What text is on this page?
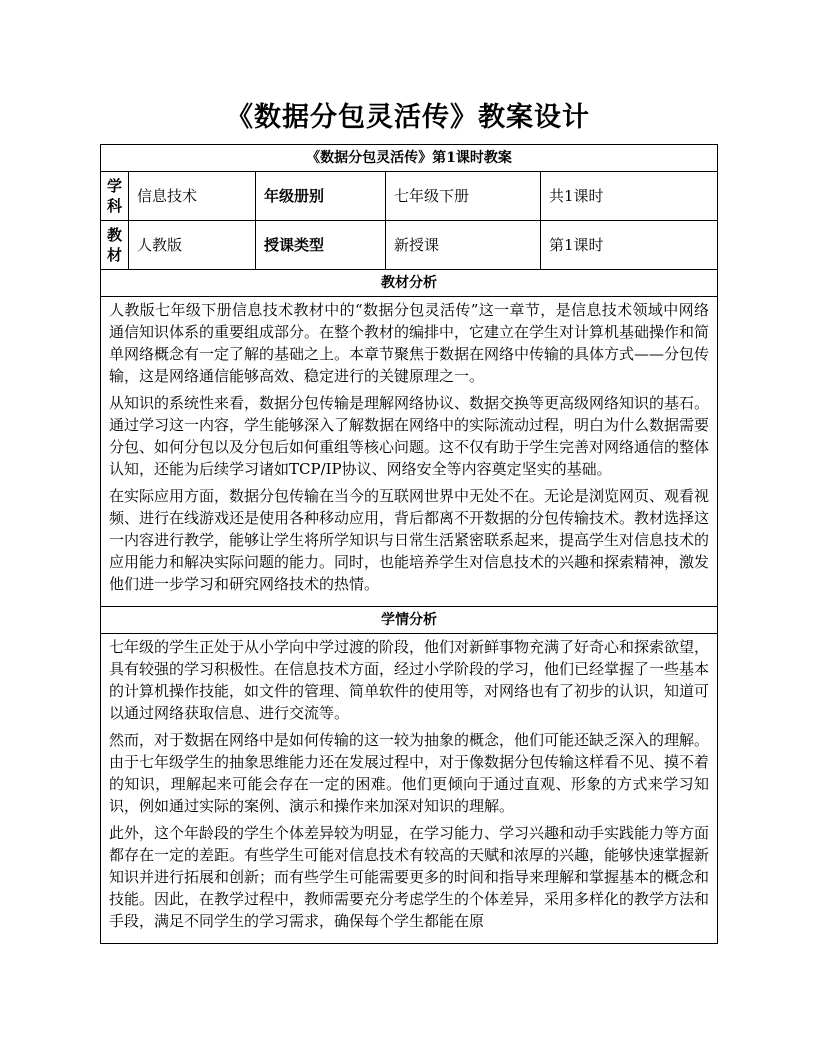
《数据分包灵活传》教案设计
《数据分包灵活传》第1课时教案				
学科	信息技术	年级册别	七年级下册	共1课时
教材	人教版	授课类型	新授课	第1课时
教材分析				

人教版七年级下册信息技术教材中的“数据分包灵活传”这一章节，是信息技术领域中网络通信知识体系的重要组成部分。在整个教材的编排中，它建立在学生对计算机基础操作和简单网络概念有一定了解的基础之上。本章节聚焦于数据在网络中传输的具体方式——分包传输，这是网络通信能够高效、稳定进行的关键原理之一。

从知识的系统性来看，数据分包传输是理解网络协议、数据交换等更高级网络知识的基石。通过学习这一内容，学生能够深入了解数据在网络中的实际流动过程，明白为什么数据需要分包、如何分包以及分包后如何重组等核心问题。这不仅有助于学生完善对网络通信的整体认知，还能为后续学习诸如TCP/IP协议、网络安全等内容奠定坚实的基础。

在实际应用方面，数据分包传输在当今的互联网世界中无处不在。无论是浏览网页、观看视频、进行在线游戏还是使用各种移动应用，背后都离不开数据的分包传输技术。教材选择这一内容进行教学，能够让学生将所学知识与日常生活紧密联系起来，提高学生对信息技术的应用能力和解决实际问题的能力。同时，也能培养学生对信息技术的兴趣和探索精神，激发他们进一步学习和研究网络技术的热情。				

学情分析				

七年级的学生正处于从小学向中学过渡的阶段，他们对新鲜事物充满了好奇心和探索欲望，具有较强的学习积极性。在信息技术方面，经过小学阶段的学习，他们已经掌握了一些基本的计算机操作技能，如文件的管理、简单软件的使用等，对网络也有了初步的认识，知道可以通过网络获取信息、进行交流等。

然而，对于数据在网络中是如何传输的这一较为抽象的概念，他们可能还缺乏深入的理解。由于七年级学生的抽象思维能力还在发展过程中，对于像数据分包传输这样看不见、摸不着的知识，理解起来可能会存在一定的困难。他们更倾向于通过直观、形象的方式来学习知识，例如通过实际的案例、演示和操作来加深对知识的理解。

此外，这个年龄段的学生个体差异较为明显，在学习能力、学习兴趣和动手实践能力等方面都存在一定的差距。有些学生可能对信息技术有较高的天赋和浓厚的兴趣，能够快速掌握新知识并进行拓展和创新；而有些学生可能需要更多的时间和指导来理解和掌握基本的概念和技能。因此，在教学过程中，教师需要充分考虑学生的个体差异，采用多样化的教学方法和手段，满足不同学生的学习需求，确保每个学生都能在原				
